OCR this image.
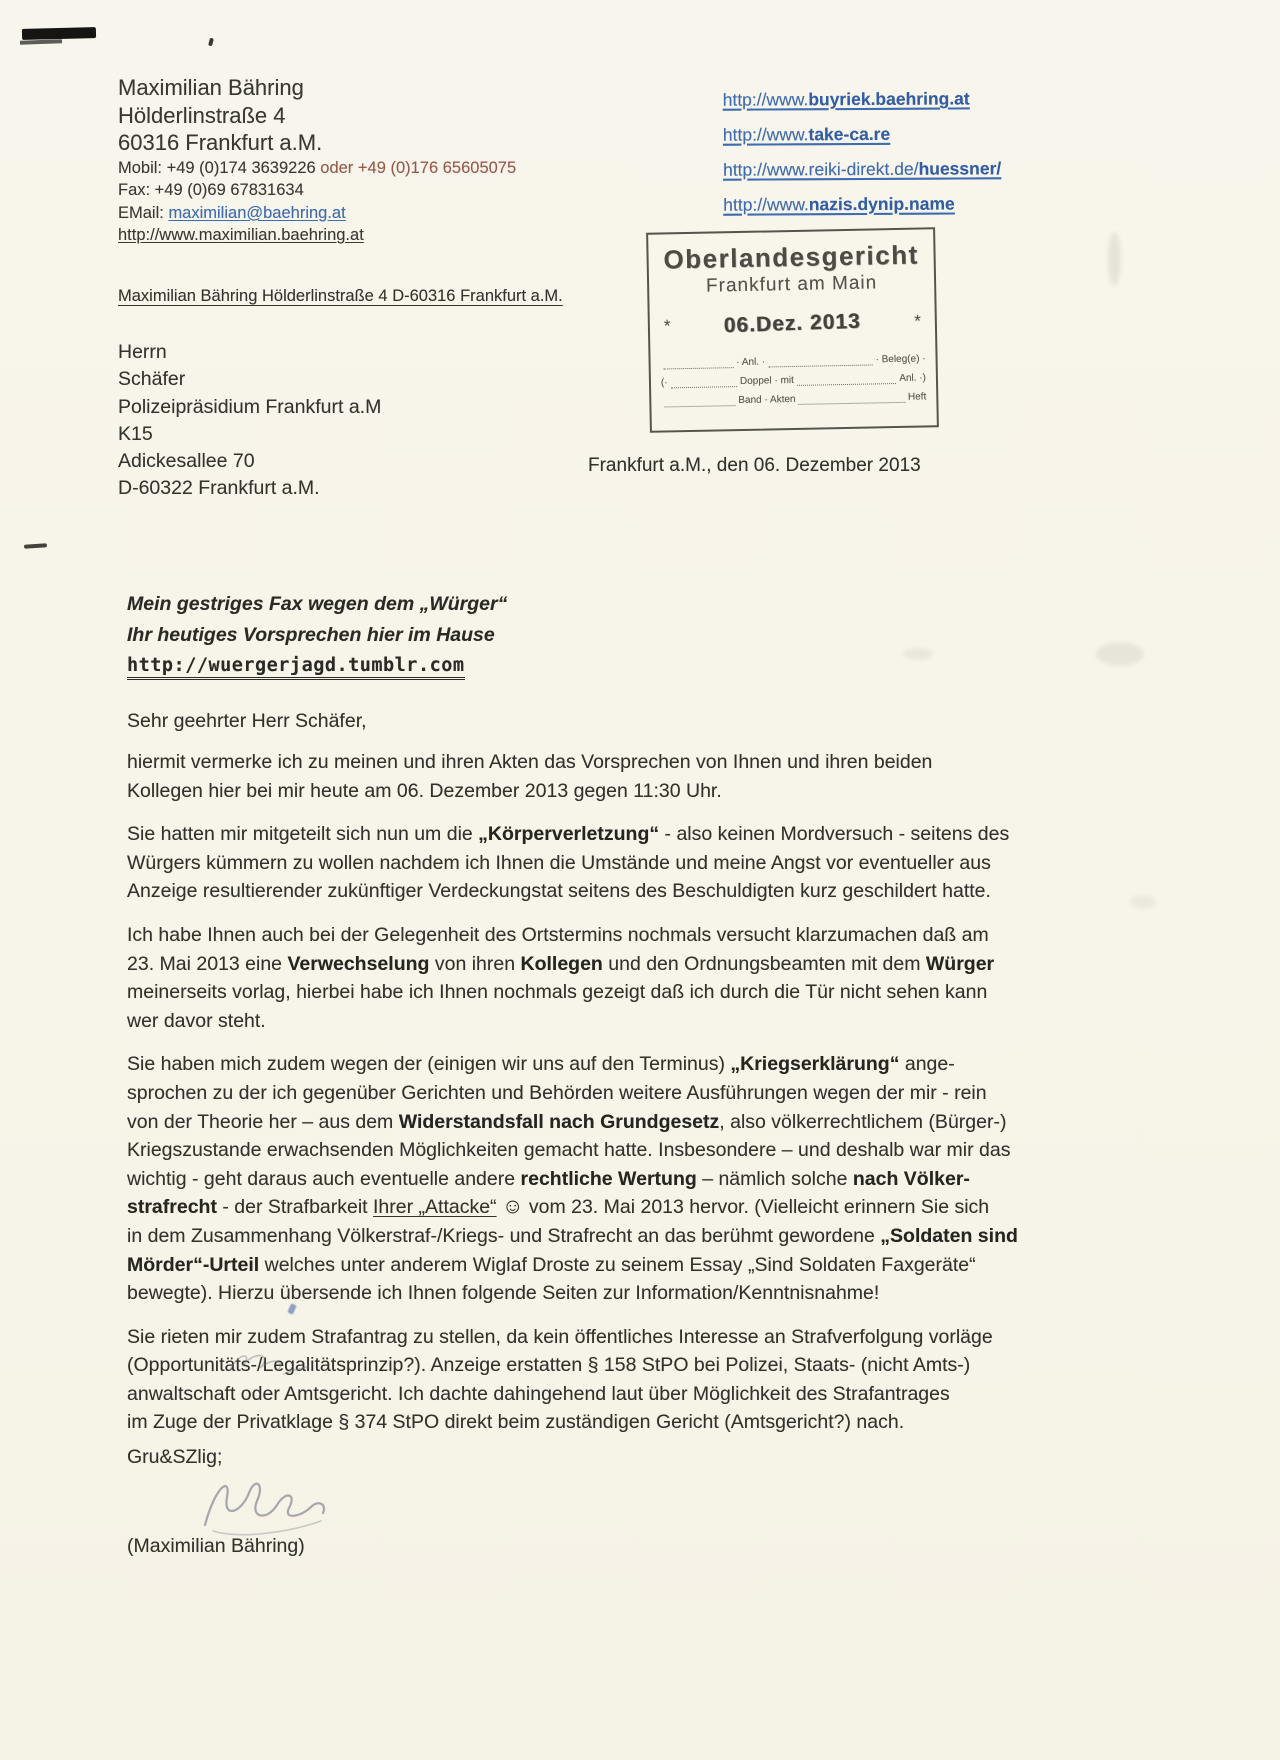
Maximilian Bähring
Hölderlinstraße 4
60316 Frankfurt a.M.
Mobil: +49 (0)174 3639226 oder +49 (0)176 65605075
Fax: +49 (0)69 67831634
EMail: maximilian@baehring.at
http://www.maximilian.baehring.at
http://www.buyriek.baehring.at
http://www.take-ca.re
http://www.reiki-direkt.de/huessner/
http://www.nazis.dynip.name
Oberlandesgericht
Frankfurt am Main
*	06.Dez. 2013	*
· Anl. ·	· Beleg(e) ·
(·	Doppel · mit	Anl. ·)
Band · Akten	Heft
Maximilian Bähring Hölderlinstraße 4 D-60316 Frankfurt a.M.
Herrn
Schäfer
Polizeipräsidium Frankfurt a.M
K15
Adickesallee 70
D-60322 Frankfurt a.M.
Frankfurt a.M., den 06. Dezember 2013
Mein gestriges Fax wegen dem „Würger“
Ihr heutiges Vorsprechen hier im Hause
http://wuergerjagd.tumblr.com
Sehr geehrter Herr Schäfer,

hiermit vermerke ich zu meinen und ihren Akten das Vorsprechen von Ihnen und ihren beiden
Kollegen hier bei mir heute am 06. Dezember 2013 gegen 11:30 Uhr.

Sie hatten mir mitgeteilt sich nun um die „Körperverletzung“ - also keinen Mordversuch - seitens des
Würgers kümmern zu wollen nachdem ich Ihnen die Umstände und meine Angst vor eventueller aus
Anzeige resultierender zukünftiger Verdeckungstat seitens des Beschuldigten kurz geschildert hatte.

Ich habe Ihnen auch bei der Gelegenheit des Ortstermins nochmals versucht klarzumachen daß am
23. Mai 2013 eine Verwechselung von ihren Kollegen und den Ordnungsbeamten mit dem Würger
meinerseits vorlag, hierbei habe ich Ihnen nochmals gezeigt daß ich durch die Tür nicht sehen kann
wer davor steht.

Sie haben mich zudem wegen der (einigen wir uns auf den Terminus) „Kriegserklärung“ ange-
sprochen zu der ich gegenüber Gerichten und Behörden weitere Ausführungen wegen der mir - rein
von der Theorie her – aus dem Widerstandsfall nach Grundgesetz, also völkerrechtlichem (Bürger-)
Kriegszustande erwachsenden Möglichkeiten gemacht hatte. Insbesondere – und deshalb war mir das
wichtig - geht daraus auch eventuelle andere rechtliche Wertung – nämlich solche nach Völker-
strafrecht - der Strafbarkeit Ihrer „Attacke“ ☺ vom 23. Mai 2013 hervor. (Vielleicht erinnern Sie sich
in dem Zusammenhang Völkerstraf-/Kriegs- und Strafrecht an das berühmt gewordene „Soldaten sind
Mörder“-Urteil welches unter anderem Wiglaf Droste zu seinem Essay „Sind Soldaten Faxgeräte“
bewegte). Hierzu übersende ich Ihnen folgende Seiten zur Information/Kenntnisnahme!

Sie rieten mir zudem Strafantrag zu stellen, da kein öffentliches Interesse an Strafverfolgung vorläge
(Opportunitäts-/Legalitätsprinzip?). Anzeige erstatten § 158 StPO bei Polizei, Staats- (nicht Amts-)
anwaltschaft oder Amtsgericht. Ich dachte dahingehend laut über Möglichkeit des Strafantrages
im Zuge der Privatklage § 374 StPO direkt beim zuständigen Gericht (Amtsgericht?) nach.

Gru&SZlig;
(Maximilian Bähring)
